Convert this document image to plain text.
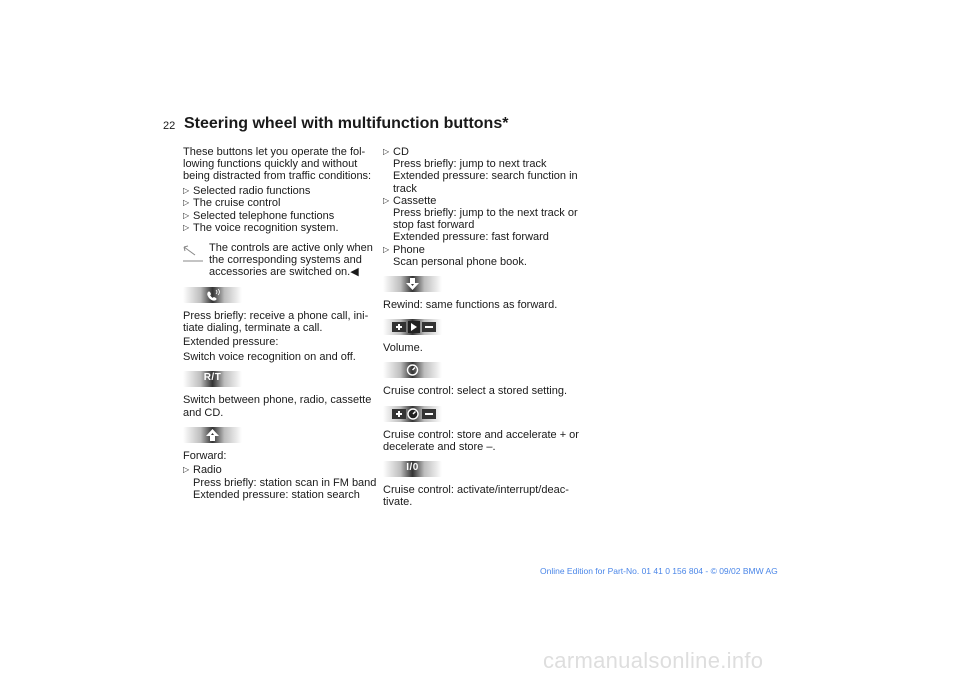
22 Steering wheel with multifunction buttons*

These buttons let you operate the fol-lowing functions quickly and without being distracted from traffic conditions:

▷ Selected radio functions
▷ The cruise control
▷ Selected telephone functions
▷ The voice recognition system.
The controls are active only when the corresponding systems and accessories are switched on.◀

Press briefly: receive a phone call, ini-tiate dialing, terminate a call.

Extended pressure:

Switch voice recognition on and off.

R/T

Switch between phone, radio, cassette and CD.

Forward:

▷ Radio
Press briefly: station scan in FM band
Extended pressure: station search
▷ CD
Press briefly: jump to next track
Extended pressure: search function in track
▷ Cassette
Press briefly: jump to the next track or stop fast forward
Extended pressure: fast forward
▷ Phone
Scan personal phone book.

Rewind: same functions as forward.

Volume.

Cruise control: select a stored setting.

Cruise control: store and accelerate + or decelerate and store –.

I/0

Cruise control: activate/interrupt/deac-tivate.

Online Edition for Part-No. 01 41 0 156 804 - © 09/02 BMW AG
carmanualsonline.info
